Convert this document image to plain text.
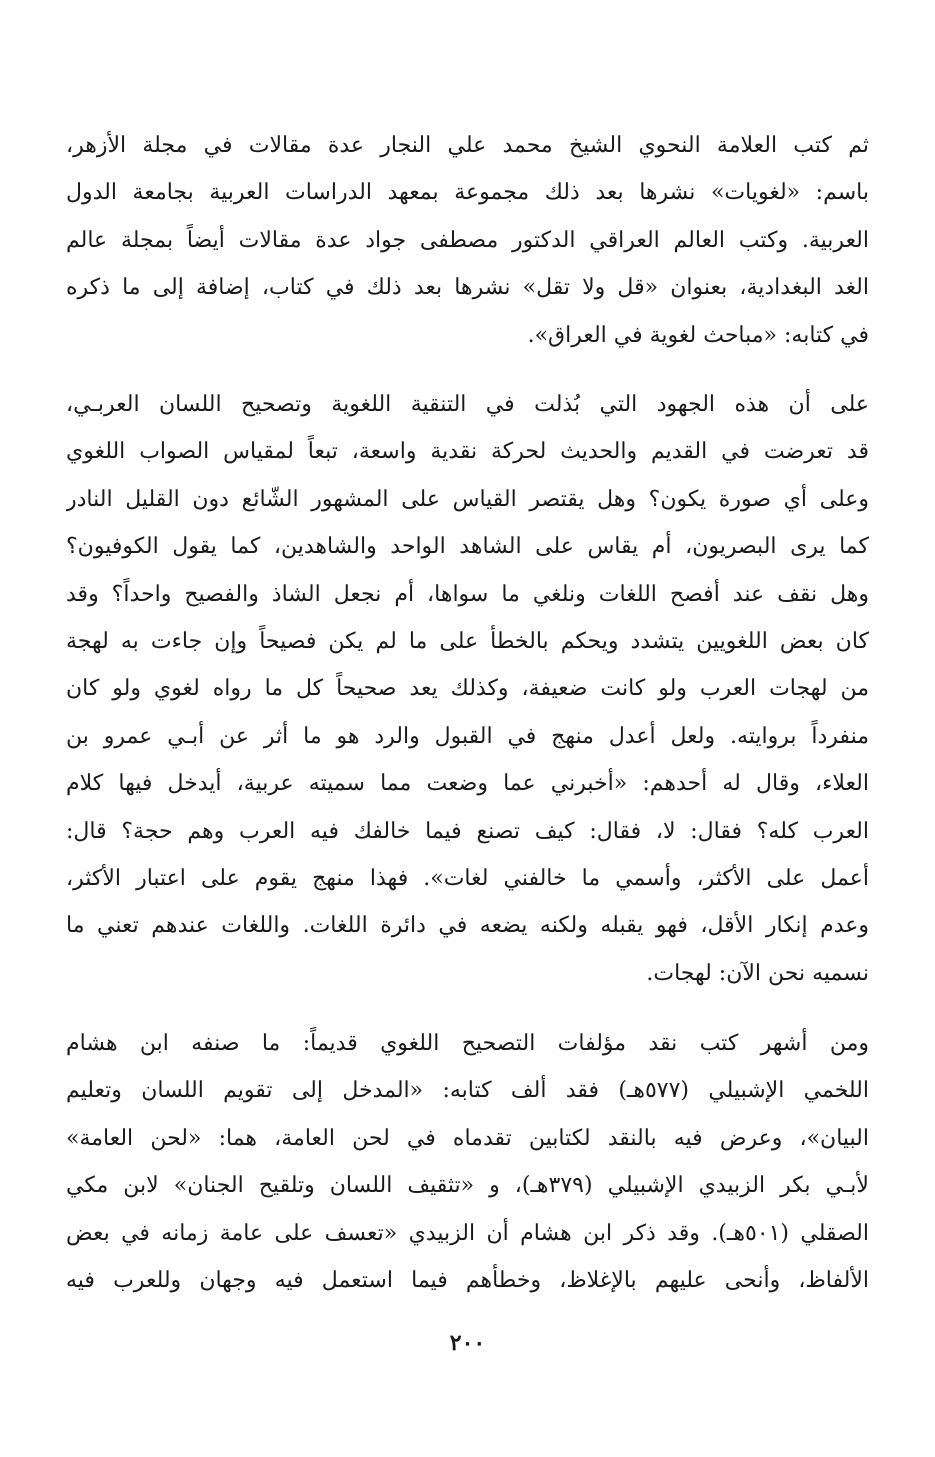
ثم كتب العلامة النحوي الشيخ محمد علي النجار عدة مقالات في مجلة الأزهر،
باسم: «لغويات» نشرها بعد ذلك مجموعة بمعهد الدراسات العربية بجامعة الدول
العربية. وكتب العالم العراقي الدكتور مصطفى جواد عدة مقالات أيضاً بمجلة عالم
الغد البغدادية، بعنوان «قل ولا تقل» نشرها بعد ذلك في كتاب، إضافة إلى ما ذكره
في كتابه: «مباحث لغوية في العراق».
على أن هذه الجهود التي بُذلت في التنقية اللغوية وتصحيح اللسان العربـي،
قد تعرضت في القديم والحديث لحركة نقدية واسعة، تبعاً لمقياس الصواب اللغوي
وعلى أي صورة يكون؟ وهل يقتصر القياس على المشهور الشّائع دون القليل النادر
كما يرى البصريون، أم يقاس على الشاهد الواحد والشاهدين، كما يقول الكوفيون؟
وهل نقف عند أفصح اللغات ونلغي ما سواها، أم نجعل الشاذ والفصيح واحداً؟ وقد
كان بعض اللغويين يتشدد ويحكم بالخطأ على ما لم يكن فصيحاً وإن جاءت به لهجة
من لهجات العرب ولو كانت ضعيفة، وكذلك يعد صحيحاً كل ما رواه لغوي ولو كان
منفرداً بروايته. ولعل أعدل منهج في القبول والرد هو ما أثر عن أبـي عمرو بن
العلاء، وقال له أحدهم: «أخبرني عما وضعت مما سميته عربية، أيدخل فيها كلام
العرب كله؟ فقال: لا، فقال: كيف تصنع فيما خالفك فيه العرب وهم حجة؟ قال:
أعمل على الأكثر، وأسمي ما خالفني لغات». فهذا منهج يقوم على اعتبار الأكثر،
وعدم إنكار الأقل، فهو يقبله ولكنه يضعه في دائرة اللغات. واللغات عندهم تعني ما
نسميه نحن الآن: لهجات.
ومن أشهر كتب نقد مؤلفات التصحيح اللغوي قديماً: ما صنفه ابن هشام
اللخمي الإشبيلي (٥٧٧هـ) فقد ألف كتابه: «المدخل إلى تقويم اللسان وتعليم
البيان»، وعرض فيه بالنقد لكتابين تقدماه في لحن العامة، هما: «لحن العامة»
لأبـي بكر الزبيدي الإشبيلي (٣٧٩هـ)، و «تثقيف اللسان وتلقيح الجنان» لابن مكي
الصقلي (٥٠١هـ). وقد ذكر ابن هشام أن الزبيدي «تعسف على عامة زمانه في بعض
الألفاظ، وأنحى عليهم بالإغلاظ، وخطأهم فيما استعمل فيه وجهان وللعرب فيه
٢٠٠
